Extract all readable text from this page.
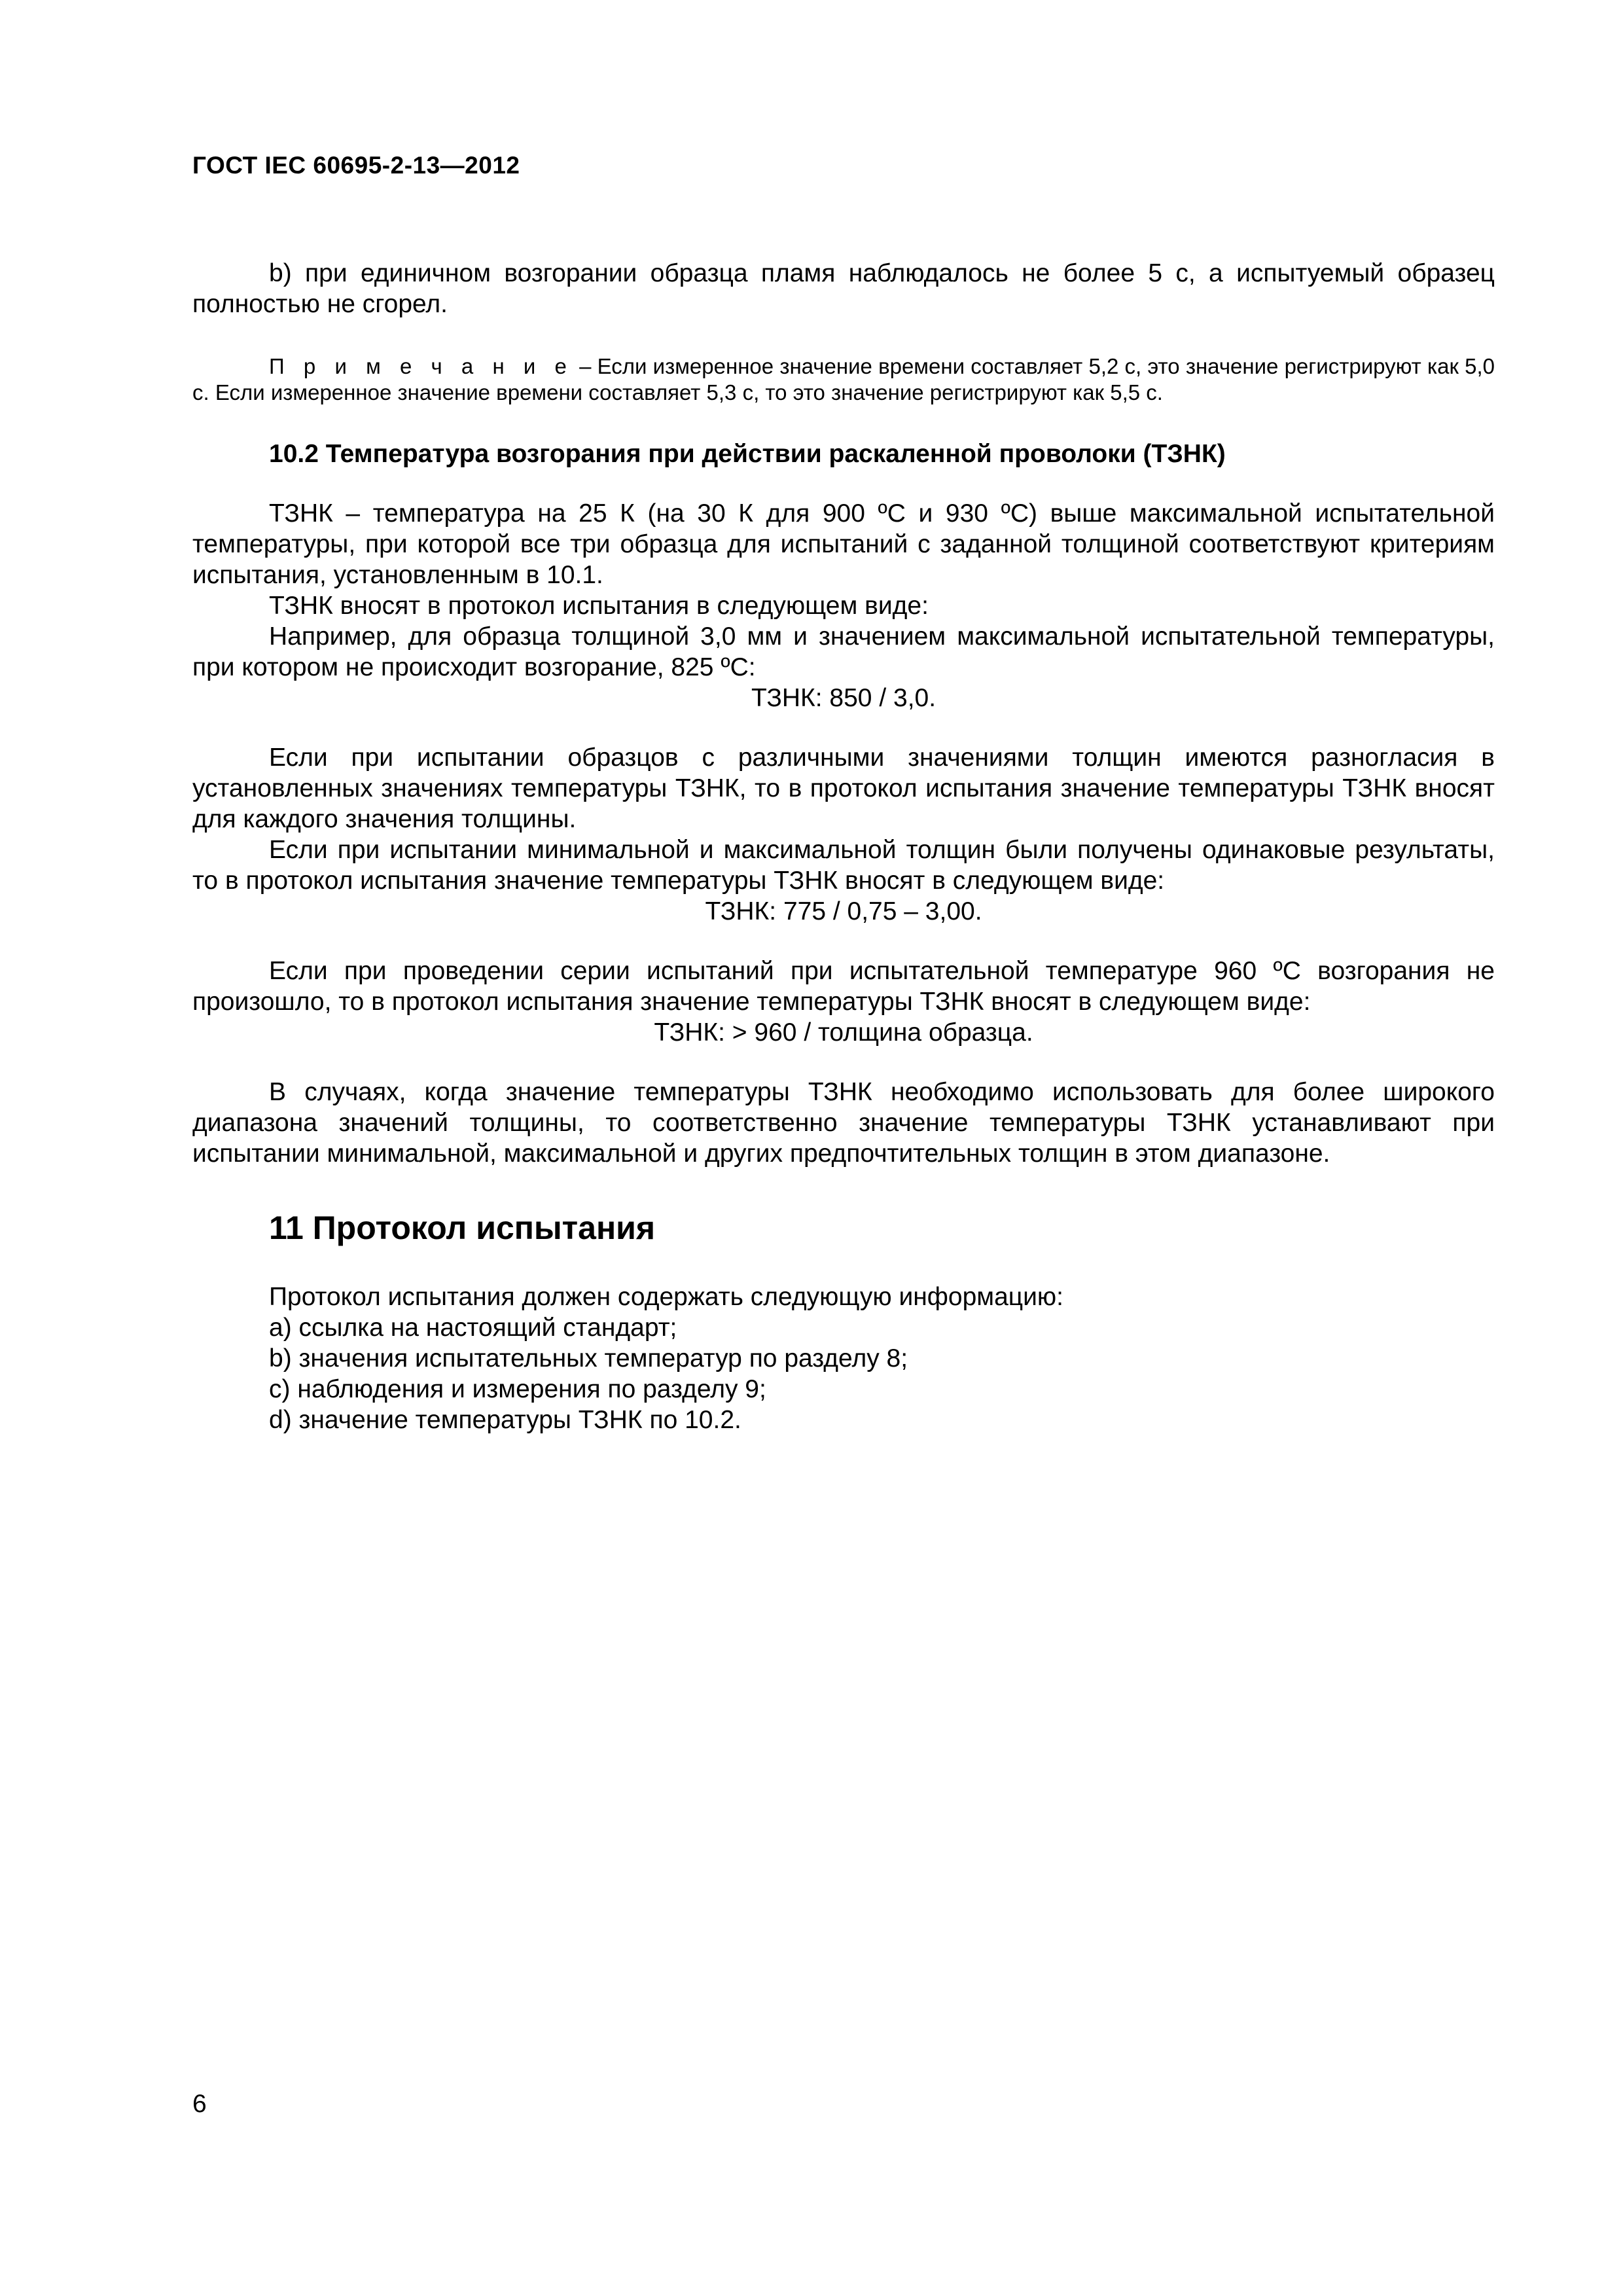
ГОСТ IEC 60695-2-13—2012

b) при единичном возгорании образца пламя наблюдалось не более 5 с, а испытуемый образец полностью не сгорел.

П р и м е ч а н и е – Если измеренное значение времени составляет 5,2 с, это значение регистрируют как 5,0 с. Если измеренное значение времени составляет 5,3 с, то это значение регистрируют как 5,5 с.
10.2 Температура возгорания при действии раскаленной проволоки (ТЗНК)

ТЗНК – температура на 25 К (на 30 К для 900 ºС и 930 ºС) выше максимальной испытательной температуры, при которой все три образца для испытаний с заданной толщиной соответствуют критериям испытания, установленным в 10.1.

ТЗНК вносят в протокол испытания в следующем виде:

Например, для образца толщиной 3,0 мм и значением максимальной испытательной температуры, при котором не происходит возгорание, 825 ºС:

ТЗНК: 850 / 3,0.

Если при испытании образцов с различными значениями толщин имеются разногласия в установленных значениях температуры ТЗНК, то в протокол испытания значение температуры ТЗНК вносят для каждого значения толщины.

Если при испытании минимальной и максимальной толщин были получены одинаковые результаты, то в протокол испытания значение температуры ТЗНК вносят в следующем виде:

ТЗНК: 775 / 0,75 – 3,00.

Если при проведении серии испытаний при испытательной температуре 960 ºС возгорания не произошло, то в протокол испытания значение температуры ТЗНК вносят в следующем виде:

ТЗНК: > 960 / толщина образца.

В случаях, когда значение температуры ТЗНК необходимо использовать для более широкого диапазона значений толщины, то соответственно значение температуры ТЗНК устанавливают при испытании минимальной, максимальной и других предпочтительных толщин в этом диапазоне.

11 Протокол испытания

Протокол испытания должен содержать следующую информацию:

a) ссылка на настоящий стандарт;
b) значения испытательных температур по разделу 8;
c) наблюдения и измерения по разделу 9;
d) значение температуры ТЗНК по 10.2.
6
